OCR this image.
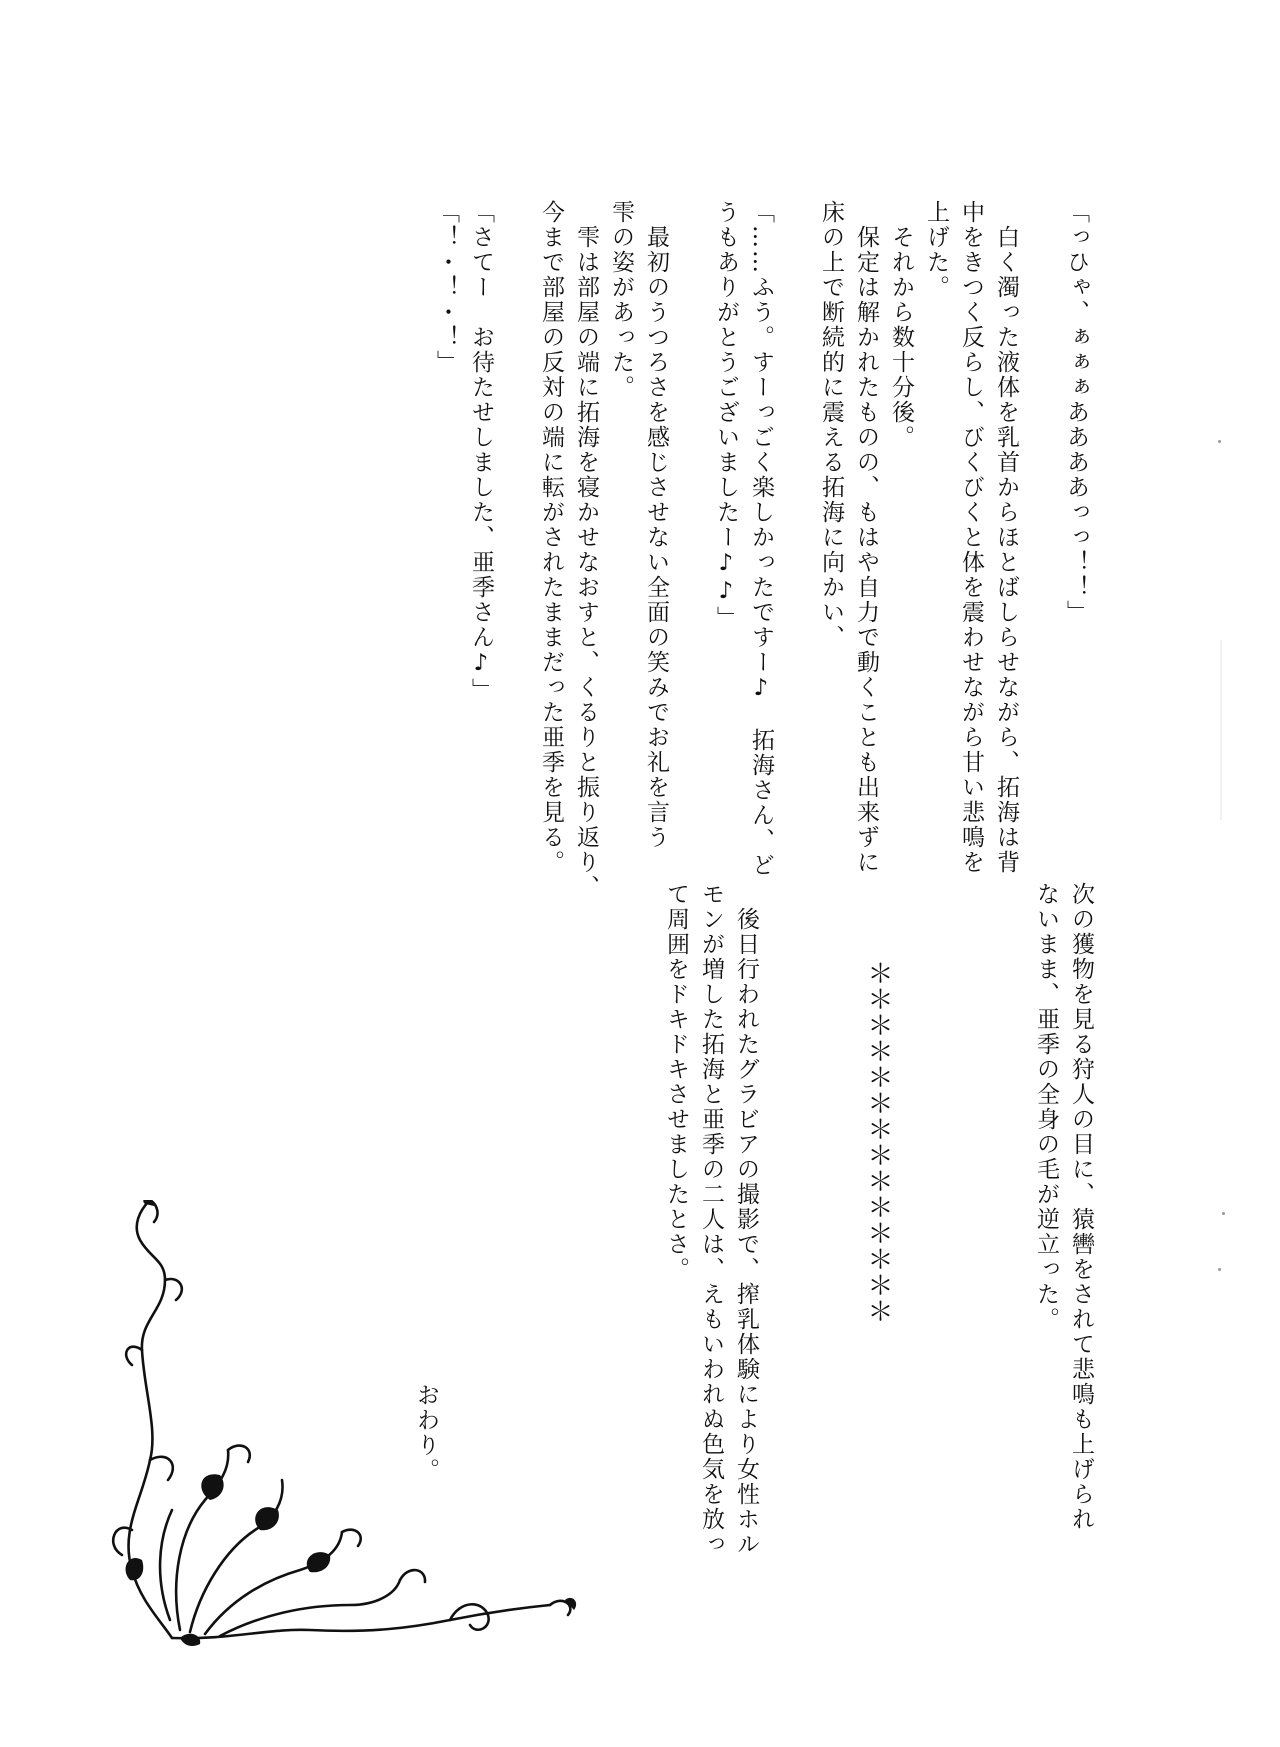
「っひゃ、ぁぁぁああああっっ！！」
　白く濁った液体を乳首からほとばしらせながら、拓海は背
中をきつく反らし、びくびくと体を震わせながら甘い悲鳴を
上げた。
　それから数十分後。
　保定は解かれたものの、もはや自力で動くことも出来ずに
床の上で断続的に震える拓海に向かい、
「……ふう。すーっごく楽しかったですー♪　拓海さん、ど
うもありがとうございましたー♪♪」
　最初のうつろさを感じさせない全面の笑みでお礼を言う
雫の姿があった。
　雫は部屋の端に拓海を寝かせなおすと、くるりと振り返り、
今まで部屋の反対の端に転がされたままだった亜季を見る。
「さてー　お待たせしました、亜季さん♪」
「！・！・！」
次の獲物を見る狩人の目に、猿轡をされて悲鳴も上げられ
ないまま、亜季の全身の毛が逆立った。
＊＊＊＊＊＊＊＊＊＊＊＊＊＊
　後日行われたグラビアの撮影で、搾乳体験により女性ホル
モンが増した拓海と亜季の二人は、えもいわれぬ色気を放っ
て周囲をドキドキさせましたとさ。
おわり。
